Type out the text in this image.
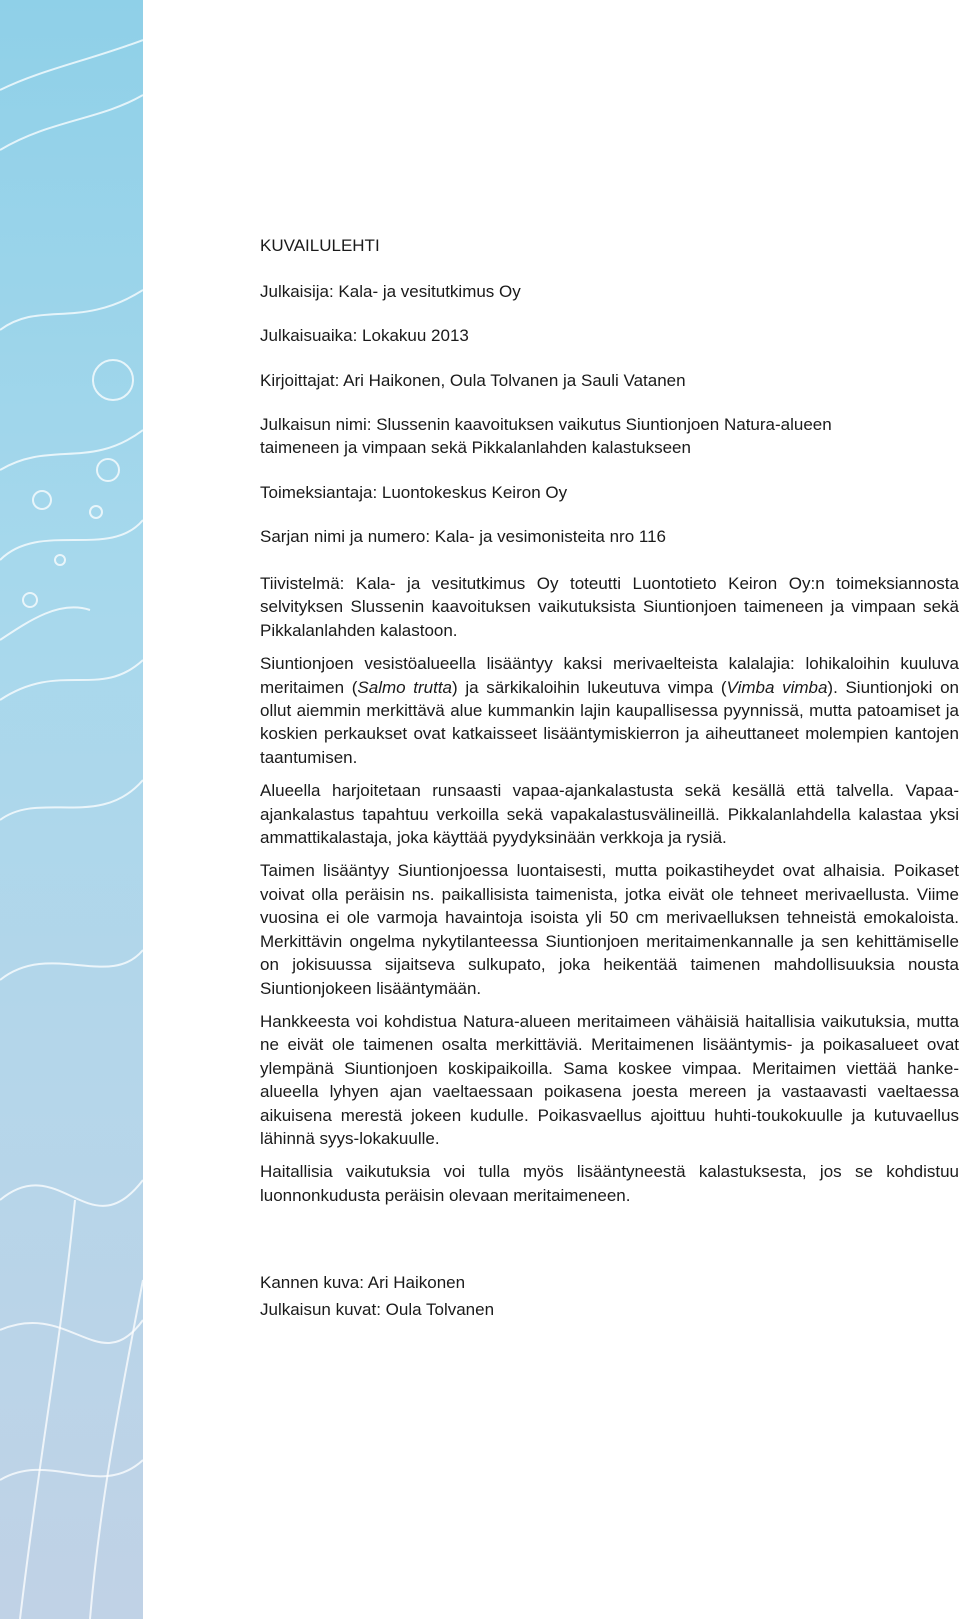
KUVAILULEHTI
Julkaisija: Kala- ja vesitutkimus Oy
Julkaisuaika: Lokakuu 2013
Kirjoittajat: Ari Haikonen, Oula Tolvanen ja Sauli Vatanen
Julkaisun nimi: Slussenin kaavoituksen vaikutus Siuntionjoen Natura-alueen
taimeneen ja vimpaan sekä Pikkalanlahden kalastukseen
Toimeksiantaja: Luontokeskus Keiron Oy
Sarjan nimi ja numero: Kala- ja vesimonisteita nro 116

Tiivistelmä: Kala- ja vesitutkimus Oy toteutti Luontotieto Keiron Oy:n toimeksiannosta selvityksen Slussenin kaavoituksen vaikutuksista Siuntionjoen taimeneen ja vimpaan sekä Pikkalanlahden kalastoon.

Siuntionjoen vesistöalueella lisääntyy kaksi merivaelteista kalalajia: lohikaloihin kuuluva meritaimen (Salmo trutta) ja särkikaloihin lukeutuva vimpa (Vimba vimba). Siuntionjoki on ollut aiemmin merkittävä alue kummankin lajin kaupallisessa pyynnissä, mutta patoamiset ja koskien perkaukset ovat katkaisseet lisääntymiskierron ja aiheuttaneet molempien kantojen taantumisen.

Alueella harjoitetaan runsaasti vapaa-ajankalastusta sekä kesällä että talvella. Vapaa-ajankalastus tapahtuu verkoilla sekä vapakalastusvälineillä. Pikkalanlahdella kalastaa yksi ammattikalastaja, joka käyttää pyydyksinään verkkoja ja rysiä.

Taimen lisääntyy Siuntionjoessa luontaisesti, mutta poikastiheydet ovat alhaisia. Poikaset voivat olla peräisin ns. paikallisista taimenista, jotka eivät ole tehneet merivaellusta. Viime vuosina ei ole varmoja havaintoja isoista yli 50 cm merivaelluksen tehneistä emokaloista. Merkittävin ongelma nykytilanteessa Siuntionjoen meritaimenkannalle ja sen kehittämiselle on jokisuussa sijaitseva sulkupato, joka heikentää taimenen mahdollisuuksia nousta Siuntionjokeen lisääntymään.

Hankkeesta voi kohdistua Natura-alueen meritaimeen vähäisiä haitallisia vaikutuksia, mutta ne eivät ole taimenen osalta merkittäviä. Meritaimenen lisääntymis- ja poikasalueet ovat ylempänä Siuntionjoen koskipaikoilla. Sama koskee vimpaa. Meritaimen viettää hanke-alueella lyhyen ajan vaeltaessaan poikasena joesta mereen ja vastaavasti vaeltaessa aikuisena merestä jokeen kudulle. Poikasvaellus ajoittuu huhti-toukokuulle ja kutuvaellus lähinnä syys-lokakuulle.

Haitallisia vaikutuksia voi tulla myös lisääntyneestä kalastuksesta, jos se kohdistuu luonnonkudusta peräisin olevaan meritaimeneen.

Kannen kuva: Ari Haikonen
Julkaisun kuvat: Oula Tolvanen
